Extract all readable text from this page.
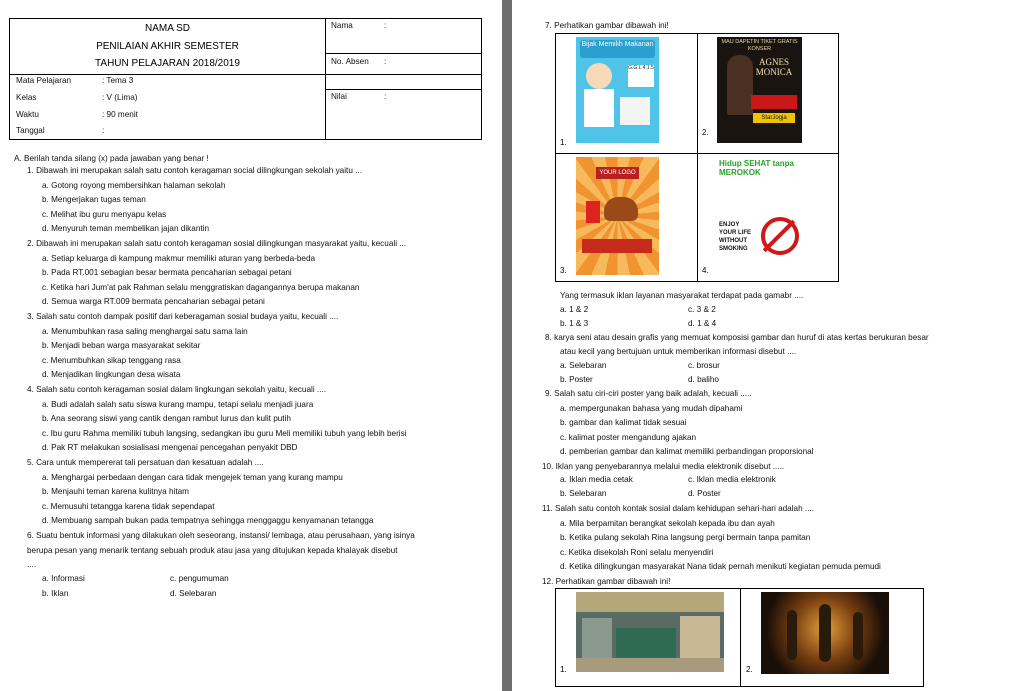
NAMA SD
PENILAIAN AKHIR SEMESTER
TAHUN PELAJARAN 2018/2019
Nama	:
No. Absen :
Nilai	:
Mata Pelajaran	: Tema 3
Kelas	: V (Lima)
Waktu	: 90 menit
Tanggal	:
A. Berilah tanda silang (x) pada jawaban yang benar !
1. Dibawah ini merupakan salah satu contoh keragaman social dilingkungan sekolah yaitu ...
a. Gotong royong membersihkan halaman sekolah
b. Mengerjakan tugas teman
c. Melihat ibu guru menyapu kelas
d. Menyuruh teman membelikan jajan dikantin
2. Dibawah ini merupakan salah satu contoh keragaman sosial dilingkungan masyarakat yaitu, kecuali ...
a. Setiap keluarga di kampung makmur memiliki aturan yang berbeda-beda
b. Pada RT.001 sebagian besar bermata pencaharian sebagai petani
c. Ketika hari Jum'at pak Rahman selalu menggratiskan dagangannya berupa makanan
d. Semua warga RT.009 bermata pencaharian sebagai petani
3. Salah satu contoh dampak positif dari keberagaman sosial budaya yaitu, kecuali ....
a. Menumbuhkan rasa saling menghargai satu sama lain
b. Menjadi beban warga masyarakat sekitar
c. Menumbuhkan sikap tenggang rasa
d. Menjadikan lingkungan desa wisata
4. Salah satu contoh keragaman sosial dalam lingkungan sekolah yaitu, kecuali ....
a. Budi adalah salah satu siswa kurang mampu, tetapi selalu menjadi juara
b. Ana seorang siswi yang cantik dengan rambut lurus dan kulit putih
c. Ibu guru Rahma memiliki tubuh langsing, sedangkan ibu guru Meli memiliki tubuh yang lebih berisi
d. Pak RT melakukan sosialisasi mengenai pencegahan penyakit DBD
5. Cara untuk mempererat tali persatuan dan kesatuan adalah ....
a. Menghargai perbedaan dengan cara tidak mengejek teman yang kurang mampu
b. Menjauhi teman karena kulitnya hitam
c. Memusuhi tetangga karena tidak sependapat
d. Membuang sampah bukan pada tempatnya sehingga menggaggu kenyamanan tetangga
6. Suatu bentuk informasi yang dilakukan oleh seseorang, instansi/ lembaga, atau perusahaan, yang isinya
berupa pesan yang menarik tentang sebuah produk atau jasa yang ditujukan kepada khalayak disebut
....
a. Informasi	c. pengumuman
b. Iklan	d. Selebaran
7. Perhatikan gambar dibawah ini!
Bijak Memilih Makanan
G.G.L 4.1.5
1.
MAU DAPETIN TIKET GRATIS KONSER
AGNES MONICA
StarJogja
2.
YOUR LOGO
3.
Hidup SEHAT tanpa MEROKOK
ENJOY YOUR LIFE WITHOUT SMOKING
4.
Yang termasuk iklan layanan masyarakat terdapat pada gamabr ....
a. 1 & 2	c. 3 & 2
b. 1 & 3	d. 1 & 4
8. karya seni atau desain grafis yang memuat komposisi gambar dan huruf di atas kertas berukuran besar
atau kecil yang bertujuan untuk memberikan informasi disebut ....
a. Selebaran	c. brosur
b. Poster	d. baliho
9. Salah satu ciri-ciri poster yang baik adalah, kecuali .....
a. mempergunakan bahasa yang mudah dipahami
b. gambar dan kalimat tidak sesuai
c. kalimat poster mengandung ajakan
d. pemberian gambar dan kalimat memiliki perbandingan proporsional
10. Iklan yang penyebarannya melalui media elektronik disebut .....
a. Iklan media cetak	c. Iklan media elektronik
b. Selebaran	d. Poster
11. Salah satu contoh kontak sosial dalam kehidupan sehari-hari adalah ....
a. Mila berpamitan berangkat sekolah kepada ibu dan ayah
b. Ketika pulang sekolah Rina langsung pergi bermain tanpa pamitan
c. Ketika disekolah Roni selalu menyendiri
d. Ketika dilingkungan masyarakat Nana tidak pernah menikuti kegiatan pemuda pemudi
12. Perhatikan gambar dibawah ini!
1.	2.
